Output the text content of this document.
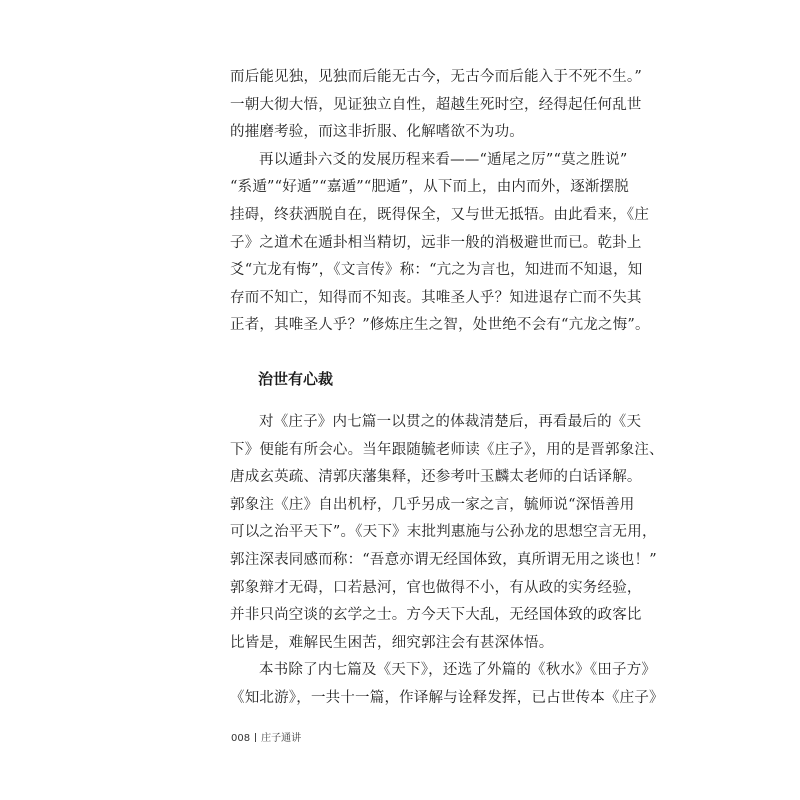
而后能见独，见独而后能无古今，无古今而后能入于不死不生。”
一朝大彻大悟，见证独立自性，超越生死时空，经得起任何乱世
的摧磨考验，而这非折服、化解嗜欲不为功。
再以遁卦六爻的发展历程来看——“遁尾之厉”“莫之胜说”
“系遁”“好遁”“嘉遁”“肥遁”，从下而上，由内而外，逐渐摆脱
挂碍，终获洒脱自在，既得保全，又与世无抵牾。由此看来，《庄
子》之道术在遁卦相当精切，远非一般的消极避世而已。乾卦上
爻“亢龙有悔”，《文言传》称：“亢之为言也，知进而不知退，知
存而不知亡，知得而不知丧。其唯圣人乎？知进退存亡而不失其
正者，其唯圣人乎？”修炼庄生之智，处世绝不会有“亢龙之悔”。
治世有心裁
对《庄子》内七篇一以贯之的体裁清楚后，再看最后的《天
下》便能有所会心。当年跟随毓老师读《庄子》，用的是晋郭象注、
唐成玄英疏、清郭庆藩集释，还参考叶玉麟太老师的白话译解。
郭象注《庄》自出机杼，几乎另成一家之言，毓师说“深悟善用
可以之治平天下”。《天下》末批判惠施与公孙龙的思想空言无用，
郭注深表同感而称：“吾意亦谓无经国体致，真所谓无用之谈也！”
郭象辩才无碍，口若悬河，官也做得不小，有从政的实务经验，
并非只尚空谈的玄学之士。方今天下大乱，无经国体致的政客比
比皆是，难解民生困苦，细究郭注会有甚深体悟。
本书除了内七篇及《天下》，还选了外篇的《秋水》《田子方》
《知北游》，一共十一篇，作译解与诠释发挥，已占世传本《庄子》
008 庄子通讲
